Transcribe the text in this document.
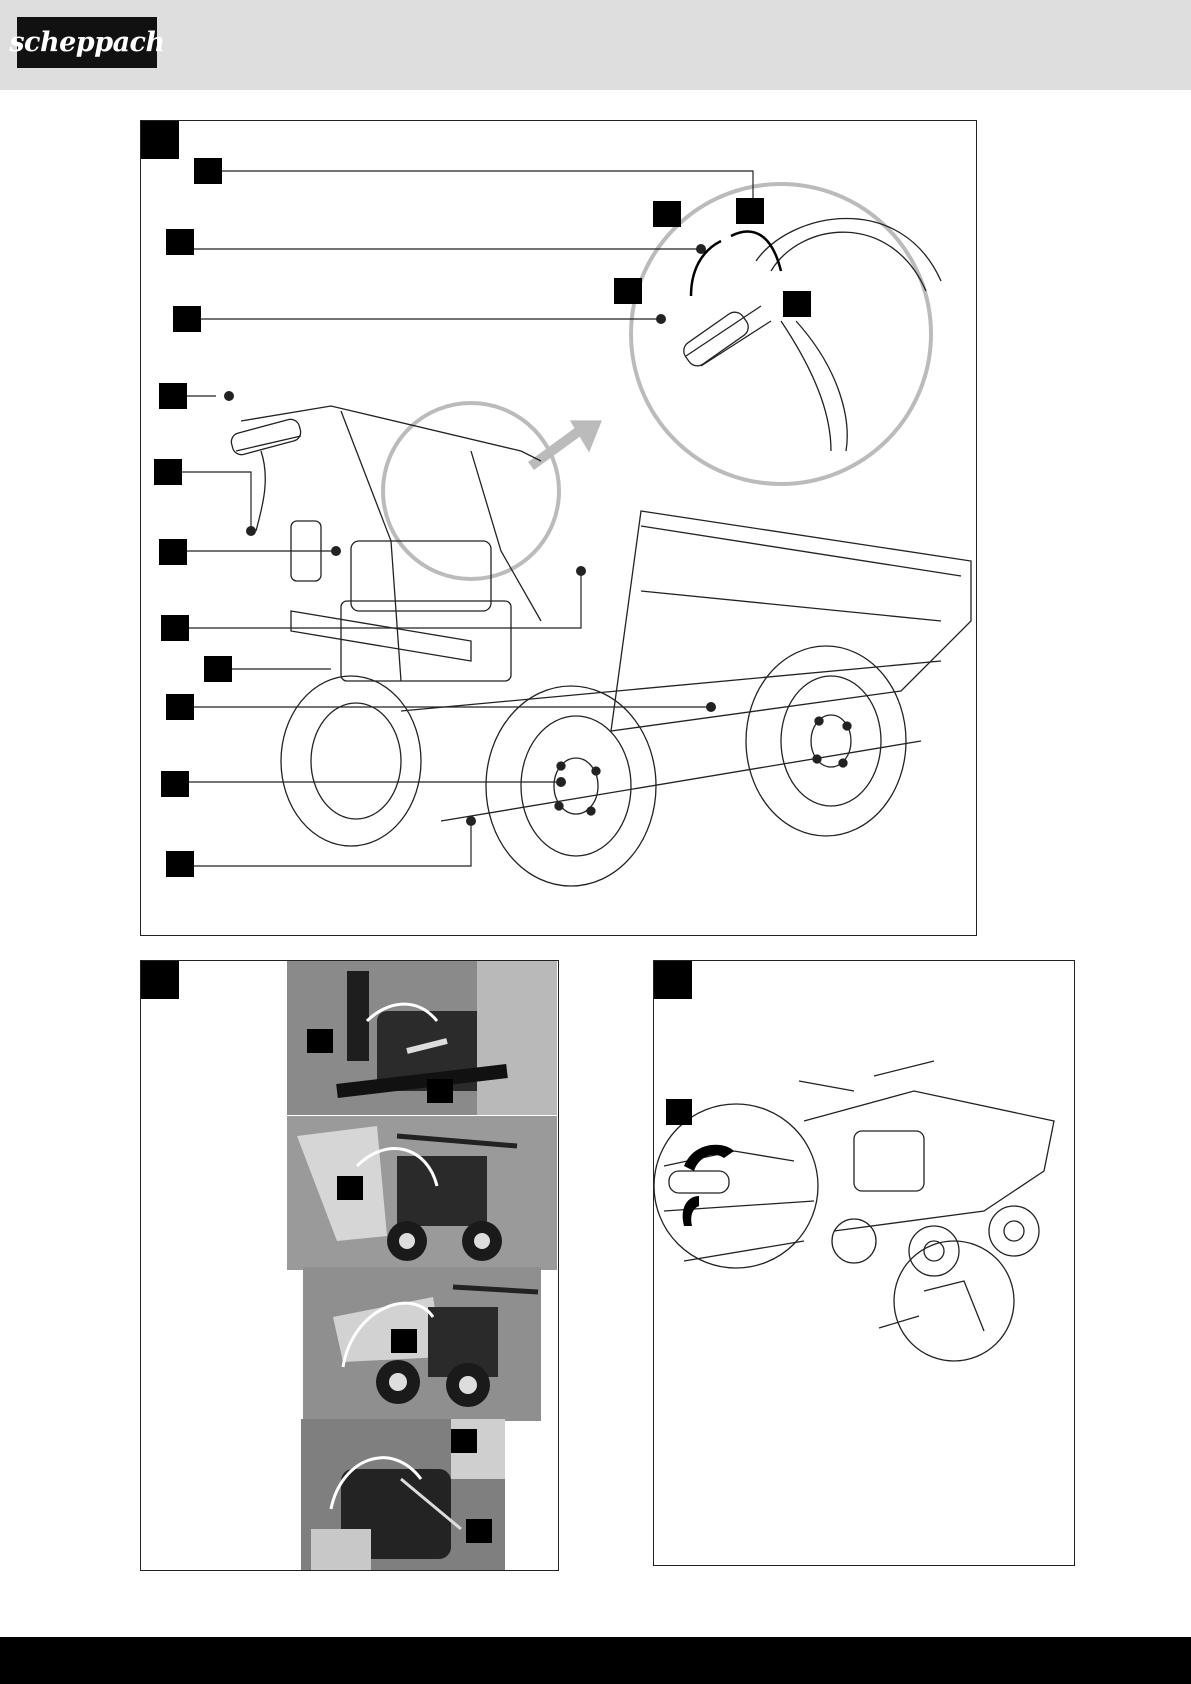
scheppach
